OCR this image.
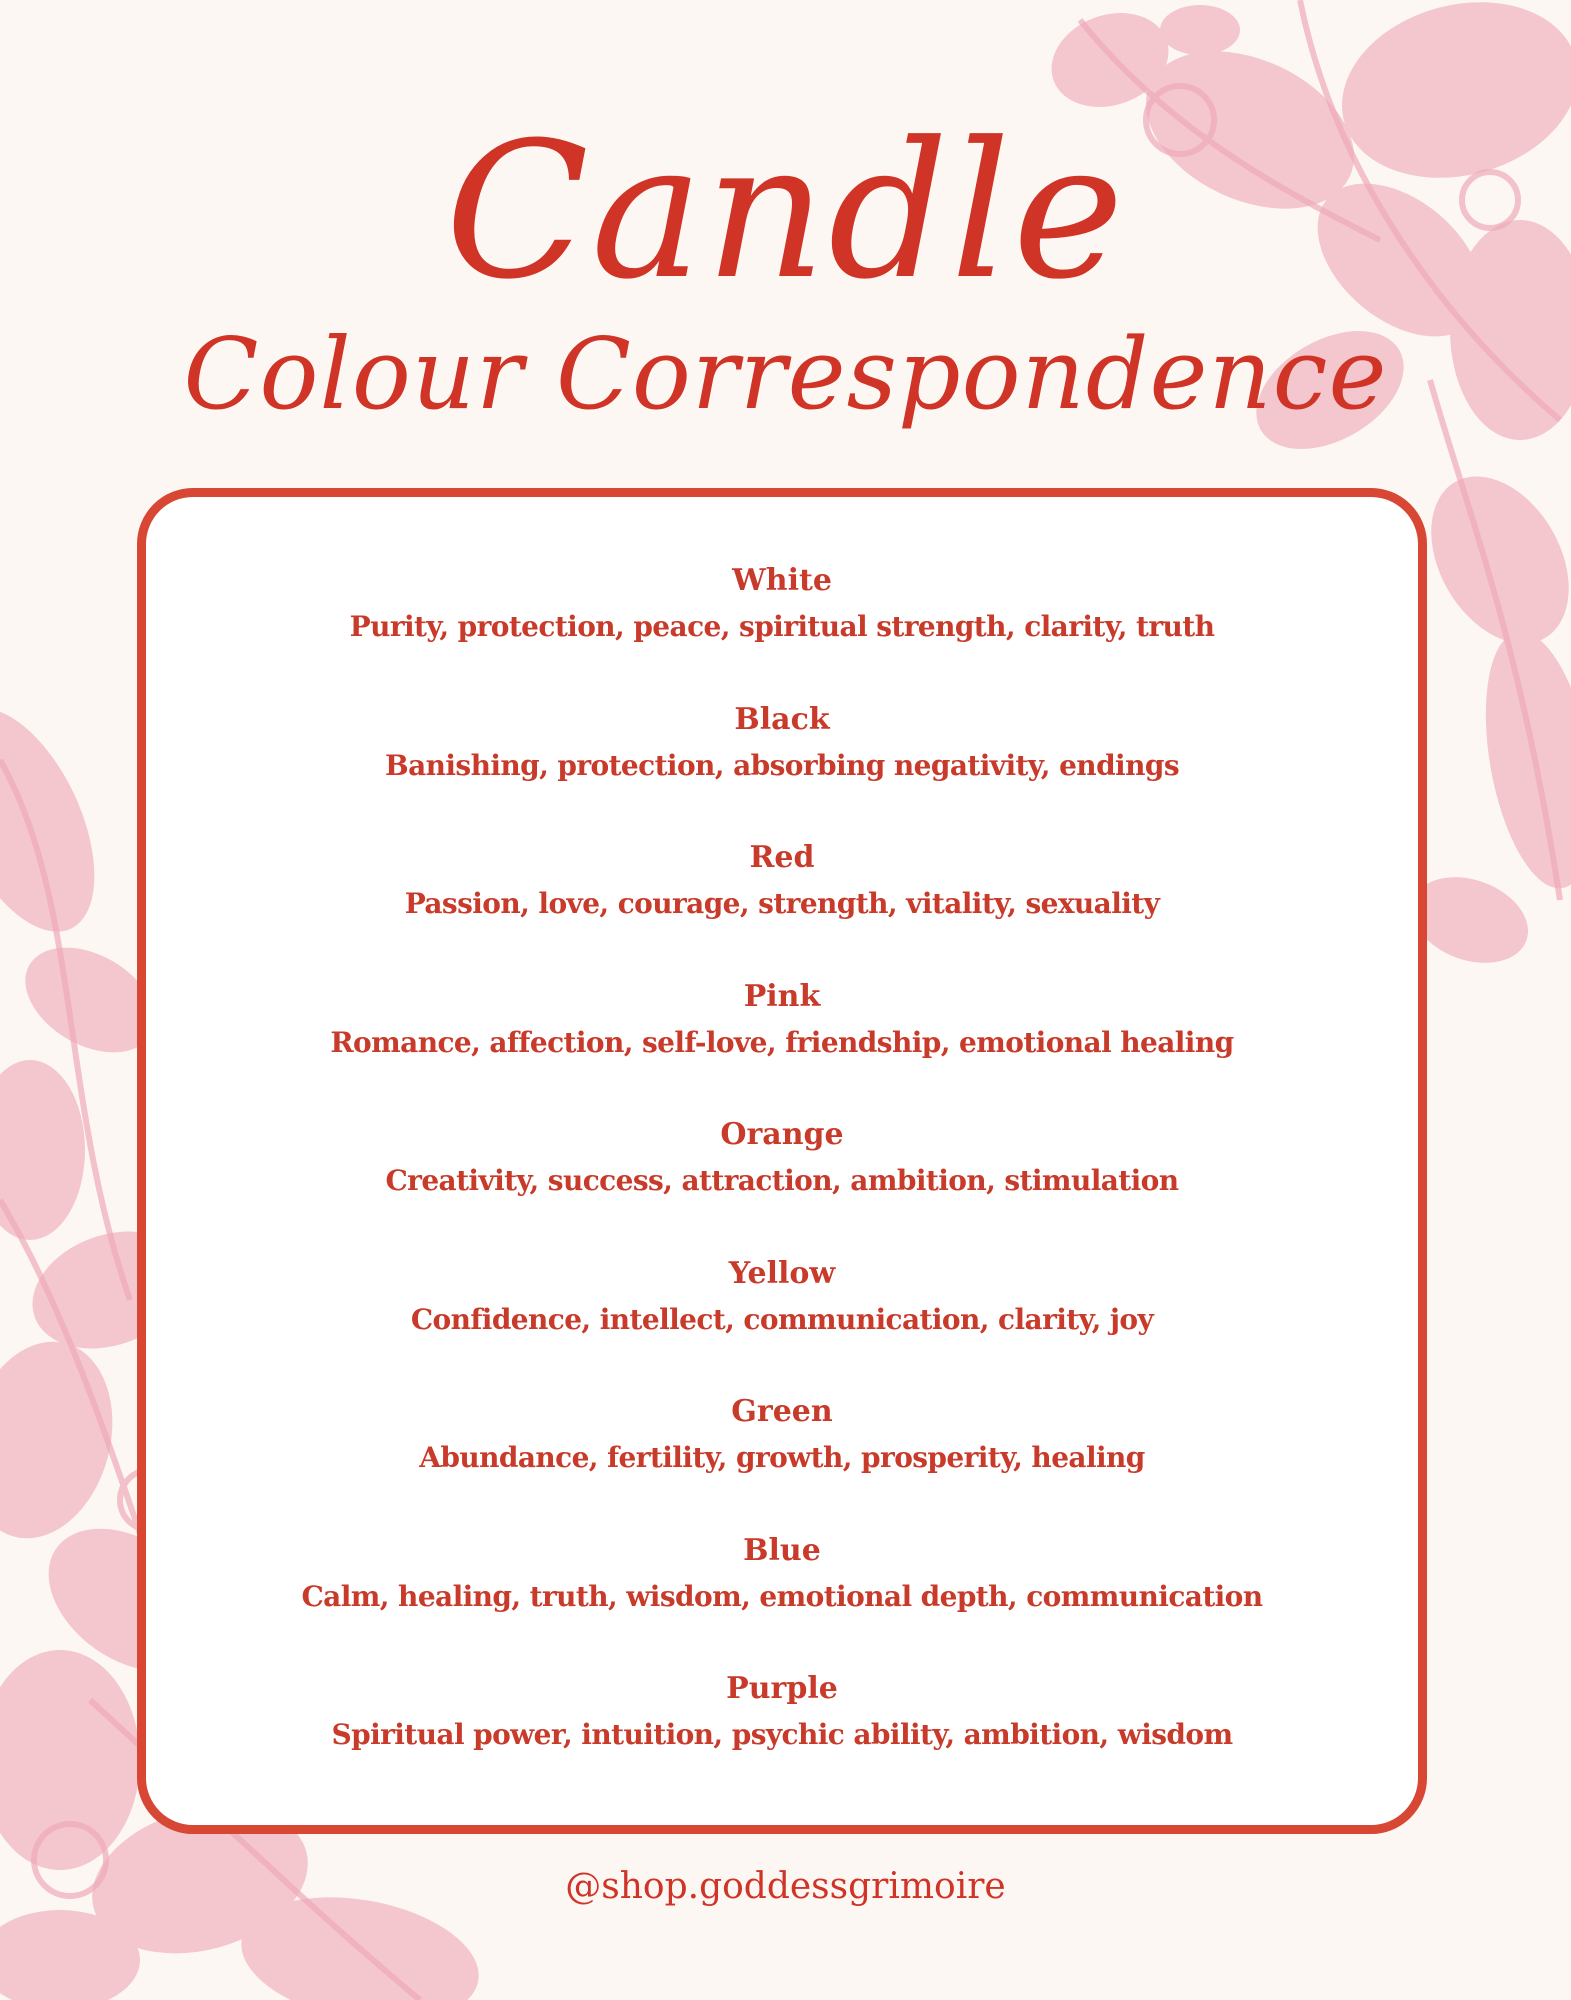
Candle
Colour Correspondence
White
Purity, protection, peace, spiritual strength, clarity, truth
Black
Banishing, protection, absorbing negativity, endings
Red
Passion, love, courage, strength, vitality, sexuality
Pink
Romance, affection, self-love, friendship, emotional healing
Orange
Creativity, success, attraction, ambition, stimulation
Yellow
Confidence, intellect, communication, clarity, joy
Green
Abundance, fertility, growth, prosperity, healing
Blue
Calm, healing, truth, wisdom, emotional depth, communication
Purple
Spiritual power, intuition, psychic ability, ambition, wisdom
@shop.goddessgrimoire
